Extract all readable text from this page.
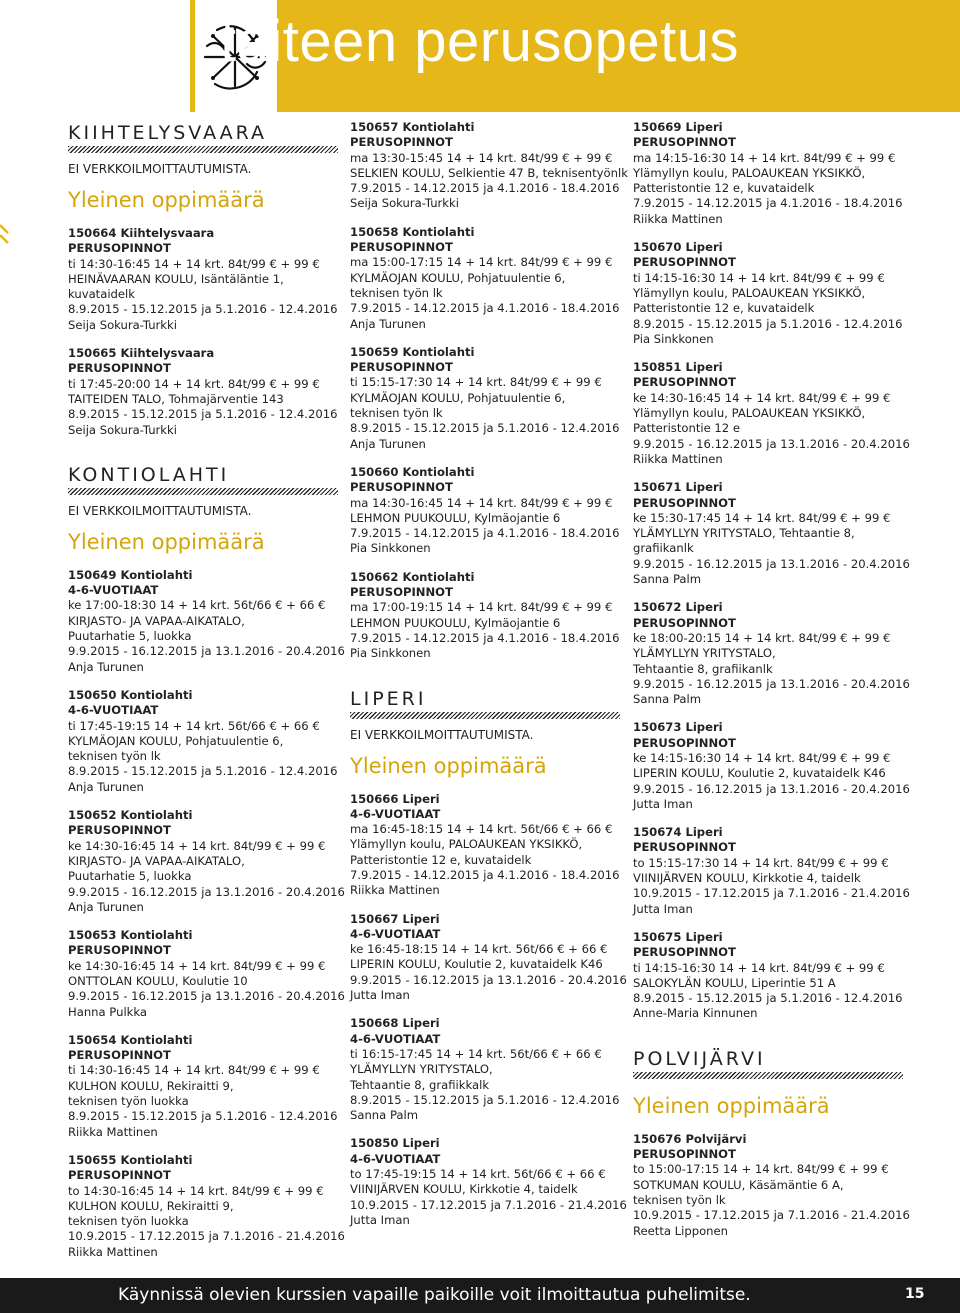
taiteen perusopetus
KIIHTELYSVAARA
EI VERKKOILMOITTAUTUMISTA.
Yleinen oppimäärä
150664 Kiihtelysvaara
PERUSOPINNOT
ti 14:30-16:45 14 + 14 krt. 84t/99 € + 99 €
HEINÄVAARAN KOULU, Isäntäläntie 1,
kuvataidelk
8.9.2015 - 15.12.2015 ja 5.1.2016 - 12.4.2016
Seija Sokura-Turkki
150665 Kiihtelysvaara
PERUSOPINNOT
ti 17:45-20:00 14 + 14 krt. 84t/99 € + 99 €
TAITEIDEN TALO, Tohmajärventie 143
8.9.2015 - 15.12.2015 ja 5.1.2016 - 12.4.2016
Seija Sokura-Turkki
KONTIOLAHTI
EI VERKKOILMOITTAUTUMISTA.
Yleinen oppimäärä
150649 Kontiolahti
4-6-VUOTIAAT
ke 17:00-18:30 14 + 14 krt. 56t/66 € + 66 €
KIRJASTO- JA VAPAA-AIKATALO,
Puutarhatie 5, luokka
9.9.2015 - 16.12.2015 ja 13.1.2016 - 20.4.2016
Anja Turunen
150650 Kontiolahti
4-6-VUOTIAAT
ti 17:45-19:15 14 + 14 krt. 56t/66 € + 66 €
KYLMÄOJAN KOULU, Pohjatuulentie 6,
teknisen työn lk
8.9.2015 - 15.12.2015 ja 5.1.2016 - 12.4.2016
Anja Turunen
150652 Kontiolahti
PERUSOPINNOT
ke 14:30-16:45 14 + 14 krt. 84t/99 € + 99 €
KIRJASTO- JA VAPAA-AIKATALO,
Puutarhatie 5, luokka
9.9.2015 - 16.12.2015 ja 13.1.2016 - 20.4.2016
Anja Turunen
150653 Kontiolahti
PERUSOPINNOT
ke 14:30-16:45 14 + 14 krt. 84t/99 € + 99 €
ONTTOLAN KOULU, Koulutie 10
9.9.2015 - 16.12.2015 ja 13.1.2016 - 20.4.2016
Hanna Pulkka
150654 Kontiolahti
PERUSOPINNOT
ti 14:30-16:45 14 + 14 krt. 84t/99 € + 99 €
KULHON KOULU, Rekiraitti 9,
teknisen työn luokka
8.9.2015 - 15.12.2015 ja 5.1.2016 - 12.4.2016
Riikka Mattinen
150655 Kontiolahti
PERUSOPINNOT
to 14:30-16:45 14 + 14 krt. 84t/99 € + 99 €
KULHON KOULU, Rekiraitti 9,
teknisen työn luokka
10.9.2015 - 17.12.2015 ja 7.1.2016 - 21.4.2016
Riikka Mattinen
150657 Kontiolahti
PERUSOPINNOT
ma 13:30-15:45 14 + 14 krt. 84t/99 € + 99 €
SELKIEN KOULU, Selkientie 47 B, teknisentyönlk
7.9.2015 - 14.12.2015 ja 4.1.2016 - 18.4.2016
Seija Sokura-Turkki
150658 Kontiolahti
PERUSOPINNOT
ma 15:00-17:15 14 + 14 krt. 84t/99 € + 99 €
KYLMÄOJAN KOULU, Pohjatuulentie 6,
teknisen työn lk
7.9.2015 - 14.12.2015 ja 4.1.2016 - 18.4.2016
Anja Turunen
150659 Kontiolahti
PERUSOPINNOT
ti 15:15-17:30 14 + 14 krt. 84t/99 € + 99 €
KYLMÄOJAN KOULU, Pohjatuulentie 6,
teknisen työn lk
8.9.2015 - 15.12.2015 ja 5.1.2016 - 12.4.2016
Anja Turunen
150660 Kontiolahti
PERUSOPINNOT
ma 14:30-16:45 14 + 14 krt. 84t/99 € + 99 €
LEHMON PUUKOULU, Kylmäojantie 6
7.9.2015 - 14.12.2015 ja 4.1.2016 - 18.4.2016
Pia Sinkkonen
150662 Kontiolahti
PERUSOPINNOT
ma 17:00-19:15 14 + 14 krt. 84t/99 € + 99 €
LEHMON PUUKOULU, Kylmäojantie 6
7.9.2015 - 14.12.2015 ja 4.1.2016 - 18.4.2016
Pia Sinkkonen
LIPERI
EI VERKKOILMOITTAUTUMISTA.
Yleinen oppimäärä
150666 Liperi
4-6-VUOTIAAT
ma 16:45-18:15 14 + 14 krt. 56t/66 € + 66 €
Ylämyllyn koulu, PALOAUKEAN YKSIKKÖ,
Patteristontie 12 e, kuvataidelk
7.9.2015 - 14.12.2015 ja 4.1.2016 - 18.4.2016
Riikka Mattinen
150667 Liperi
4-6-VUOTIAAT
ke 16:45-18:15 14 + 14 krt. 56t/66 € + 66 €
LIPERIN KOULU, Koulutie 2, kuvataidelk K46
9.9.2015 - 16.12.2015 ja 13.1.2016 - 20.4.2016
Jutta Iman
150668 Liperi
4-6-VUOTIAAT
ti 16:15-17:45 14 + 14 krt. 56t/66 € + 66 €
YLÄMYLLYN YRITYSTALO,
Tehtaantie 8, grafiikkalk
8.9.2015 - 15.12.2015 ja 5.1.2016 - 12.4.2016
Sanna Palm
150850 Liperi
4-6-VUOTIAAT
to 17:45-19:15 14 + 14 krt. 56t/66 € + 66 €
VIINIJÄRVEN KOULU, Kirkkotie 4, taidelk
10.9.2015 - 17.12.2015 ja 7.1.2016 - 21.4.2016
Jutta Iman
150669 Liperi
PERUSOPINNOT
ma 14:15-16:30 14 + 14 krt. 84t/99 € + 99 €
Ylämyllyn koulu, PALOAUKEAN YKSIKKÖ,
Patteristontie 12 e, kuvataidelk
7.9.2015 - 14.12.2015 ja 4.1.2016 - 18.4.2016
Riikka Mattinen
150670 Liperi
PERUSOPINNOT
ti 14:15-16:30 14 + 14 krt. 84t/99 € + 99 €
Ylämyllyn koulu, PALOAUKEAN YKSIKKÖ,
Patteristontie 12 e, kuvataidelk
8.9.2015 - 15.12.2015 ja 5.1.2016 - 12.4.2016
Pia Sinkkonen
150851 Liperi
PERUSOPINNOT
ke 14:30-16:45 14 + 14 krt. 84t/99 € + 99 €
Ylämyllyn koulu, PALOAUKEAN YKSIKKÖ,
Patteristontie 12 e
9.9.2015 - 16.12.2015 ja 13.1.2016 - 20.4.2016
Riikka Mattinen
150671 Liperi
PERUSOPINNOT
ke 15:30-17:45 14 + 14 krt. 84t/99 € + 99 €
YLÄMYLLYN YRITYSTALO, Tehtaantie 8,
grafiikanlk
9.9.2015 - 16.12.2015 ja 13.1.2016 - 20.4.2016
Sanna Palm
150672 Liperi
PERUSOPINNOT
ke 18:00-20:15 14 + 14 krt. 84t/99 € + 99 €
YLÄMYLLYN YRITYSTALO,
Tehtaantie 8, grafiikanlk
9.9.2015 - 16.12.2015 ja 13.1.2016 - 20.4.2016
Sanna Palm
150673 Liperi
PERUSOPINNOT
ke 14:15-16:30 14 + 14 krt. 84t/99 € + 99 €
LIPERIN KOULU, Koulutie 2, kuvataidelk K46
9.9.2015 - 16.12.2015 ja 13.1.2016 - 20.4.2016
Jutta Iman
150674 Liperi
PERUSOPINNOT
to 15:15-17:30 14 + 14 krt. 84t/99 € + 99 €
VIINIJÄRVEN KOULU, Kirkkotie 4, taidelk
10.9.2015 - 17.12.2015 ja 7.1.2016 - 21.4.2016
Jutta Iman
150675 Liperi
PERUSOPINNOT
ti 14:15-16:30 14 + 14 krt. 84t/99 € + 99 €
SALOKYLÄN KOULU, Liperintie 51 A
8.9.2015 - 15.12.2015 ja 5.1.2016 - 12.4.2016
Anne-Maria Kinnunen
POLVIJÄRVI
Yleinen oppimäärä
150676 Polvijärvi
PERUSOPINNOT
to 15:00-17:15 14 + 14 krt. 84t/99 € + 99 €
SOTKUMAN KOULU, Käsämäntie 6 A,
teknisen työn lk
10.9.2015 - 17.12.2015 ja 7.1.2016 - 21.4.2016
Reetta Lipponen
Käynnissä olevien kurssien vapaille paikoille voit ilmoittautua puhelimitse.	15
